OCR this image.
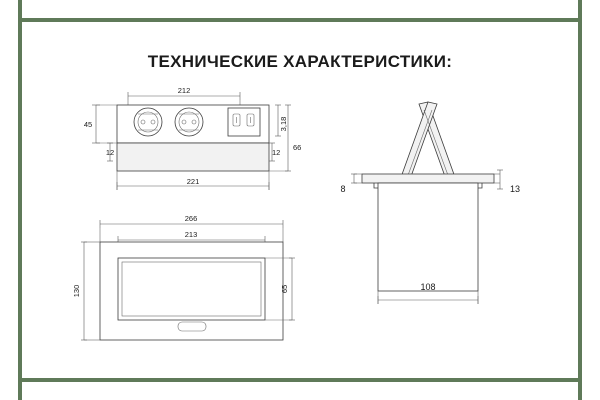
ТЕХНИЧЕСКИЕ ХАРАКТЕРИСТИКИ:
212
45
12
3,18
12
66
221
266
213
130	65
8	13
108
